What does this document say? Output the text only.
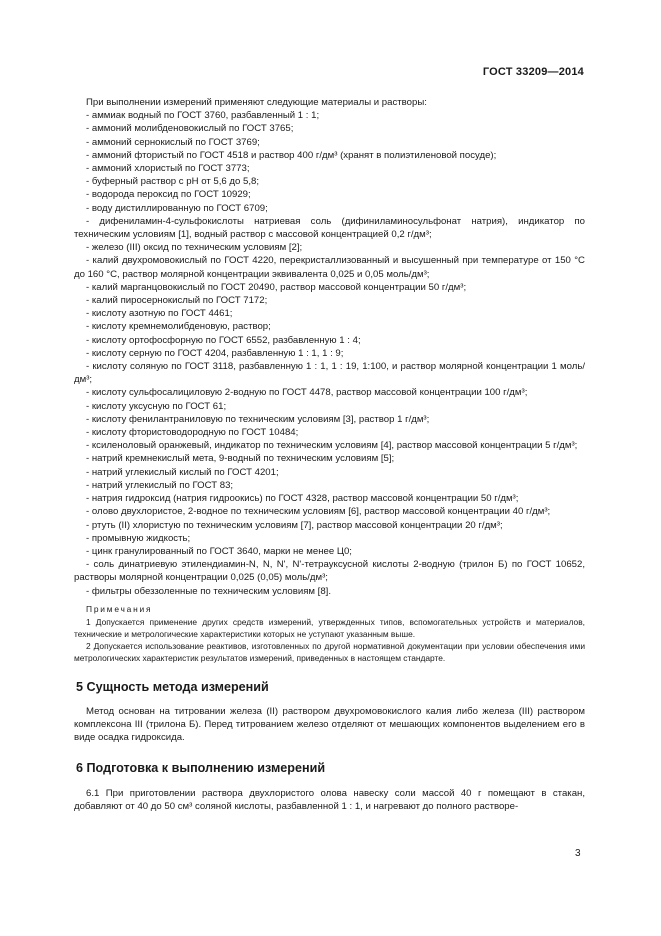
ГОСТ 33209—2014

При выполнении измерений применяют следующие материалы и растворы:

- аммиак водный по ГОСТ 3760, разбавленный 1 : 1;

- аммоний молибденовокислый по ГОСТ 3765;

- аммоний сернокислый по ГОСТ 3769;

- аммоний фтористый по ГОСТ 4518 и раствор 400 г/дм³ (хранят в полиэтиленовой посуде);

- аммоний хлористый по ГОСТ 3773;

- буферный раствор с рН от 5,6 до 5,8;

- водорода пероксид по ГОСТ 10929;

- воду дистиллированную по ГОСТ 6709;

- дифениламин-4-сульфокислоты натриевая соль (дифиниламиносульфонат натрия), индикатор по техническим условиям [1], водный раствор с массовой концентрацией 0,2 г/дм³;

- железо (III) оксид по техническим условиям [2];

- калий двухромовокислый по ГОСТ 4220, перекристаллизованный и высушенный при температуре от 150 °С до 160 °С, раствор молярной концентрации эквивалента 0,025 и 0,05 моль/дм³;

- калий марганцовокислый по ГОСТ 20490, раствор массовой концентрации 50 г/дм³;

- калий пиросернокислый по ГОСТ 7172;

- кислоту азотную по ГОСТ 4461;

- кислоту кремнемолибденовую, раствор;

- кислоту ортофосфорную по ГОСТ 6552, разбавленную 1 : 4;

- кислоту серную по ГОСТ 4204, разбавленную 1 : 1, 1 : 9;

- кислоту соляную по ГОСТ 3118, разбавленную 1 : 1, 1 : 19, 1:100, и раствор молярной концентрации 1 моль/дм³;

- кислоту сульфосалициловую 2-водную по ГОСТ 4478, раствор массовой концентрации 100 г/дм³;

- кислоту уксусную по ГОСТ 61;

- кислоту фенилантраниловую по техническим условиям [3], раствор 1 г/дм³;

- кислоту фтористоводородную по ГОСТ 10484;

- ксиленоловый оранжевый, индикатор по техническим условиям [4], раствор массовой концентрации 5 г/дм³;

- натрий кремнекислый мета, 9-водный по техническим условиям [5];

- натрий углекислый кислый по ГОСТ 4201;

- натрий углекислый по ГОСТ 83;

- натрия гидроксид (натрия гидроокись) по ГОСТ 4328, раствор массовой концентрации 50 г/дм³;

- олово двухлористое, 2-водное по техническим условиям [6], раствор массовой концентрации 40 г/дм³;

- ртуть (II) хлористую по техническим условиям [7], раствор массовой концентрации 20 г/дм³;

- промывную жидкость;

- цинк гранулированный по ГОСТ 3640, марки не менее Ц0;

- соль динатриевую этилендиамин-N, N, N', N'-тетрауксусной кислоты 2-водную (трилон Б) по ГОСТ 10652, растворы молярной концентрации 0,025 (0,05) моль/дм³;

- фильтры обеззоленные по техническим условиям [8].

Примечания

1 Допускается применение других средств измерений, утвержденных типов, вспомогательных устройств и материалов, технические и метрологические характеристики которых не уступают указанным выше.

2 Допускается использование реактивов, изготовленных по другой нормативной документации при условии обеспечения ими метрологических характеристик результатов измерений, приведенных в настоящем стандарте.

5 Сущность метода измерений

Метод основан на титровании железа (II) раствором двухромовокислого калия либо железа (III) раствором комплексона III (трилона Б). Перед титрованием железо отделяют от мешающих компонентов выделением его в виде осадка гидроксида.

6 Подготовка к выполнению измерений

6.1 При приготовлении раствора двухлористого олова навеску соли массой 40 г помещают в стакан, добавляют от 40 до 50 см³ соляной кислоты, разбавленной 1 : 1, и нагревают до полного растворе-

3
